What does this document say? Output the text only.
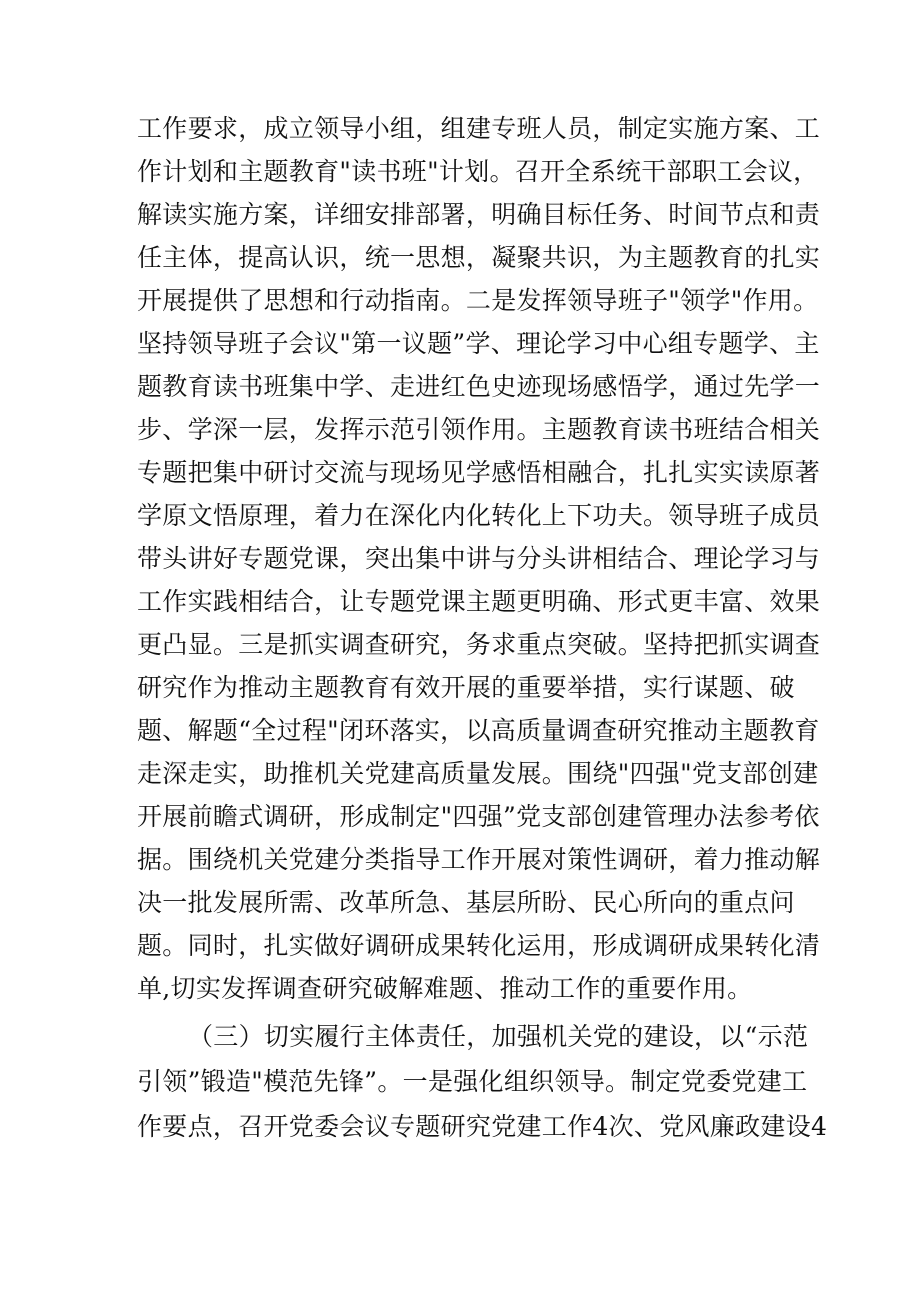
工作要求，成立领导小组，组建专班人员，制定实施方案、工
作计划和主题教育"读书班"计划。召开全系统干部职工会议，
解读实施方案，详细安排部署，明确目标任务、时间节点和责
任主体，提高认识，统一思想，凝聚共识，为主题教育的扎实
开展提供了思想和行动指南。二是发挥领导班子"领学"作用。
坚持领导班子会议"第一议题”学、理论学习中心组专题学、主
题教育读书班集中学、走进红色史迹现场感悟学，通过先学一
步、学深一层，发挥示范引领作用。主题教育读书班结合相关
专题把集中研讨交流与现场见学感悟相融合，扎扎实实读原著
学原文悟原理，着力在深化内化转化上下功夫。领导班子成员
带头讲好专题党课，突出集中讲与分头讲相结合、理论学习与
工作实践相结合，让专题党课主题更明确、形式更丰富、效果
更凸显。三是抓实调查研究，务求重点突破。坚持把抓实调查
研究作为推动主题教育有效开展的重要举措，实行谋题、破
题、解题“全过程"闭环落实，以高质量调查研究推动主题教育
走深走实，助推机关党建高质量发展。围绕"四强"党支部创建
开展前瞻式调研，形成制定"四强”党支部创建管理办法参考依
据。围绕机关党建分类指导工作开展对策性调研，着力推动解
决一批发展所需、改革所急、基层所盼、民心所向的重点问
题。同时，扎实做好调研成果转化运用，形成调研成果转化清
单,切实发挥调查研究破解难题、推动工作的重要作用。
（三）切实履行主体责任，加强机关党的建设，以“示范
引领”锻造"模范先锋”。一是强化组织领导。制定党委党建工
作要点，召开党委会议专题研究党建工作4次、党风廉政建设4
